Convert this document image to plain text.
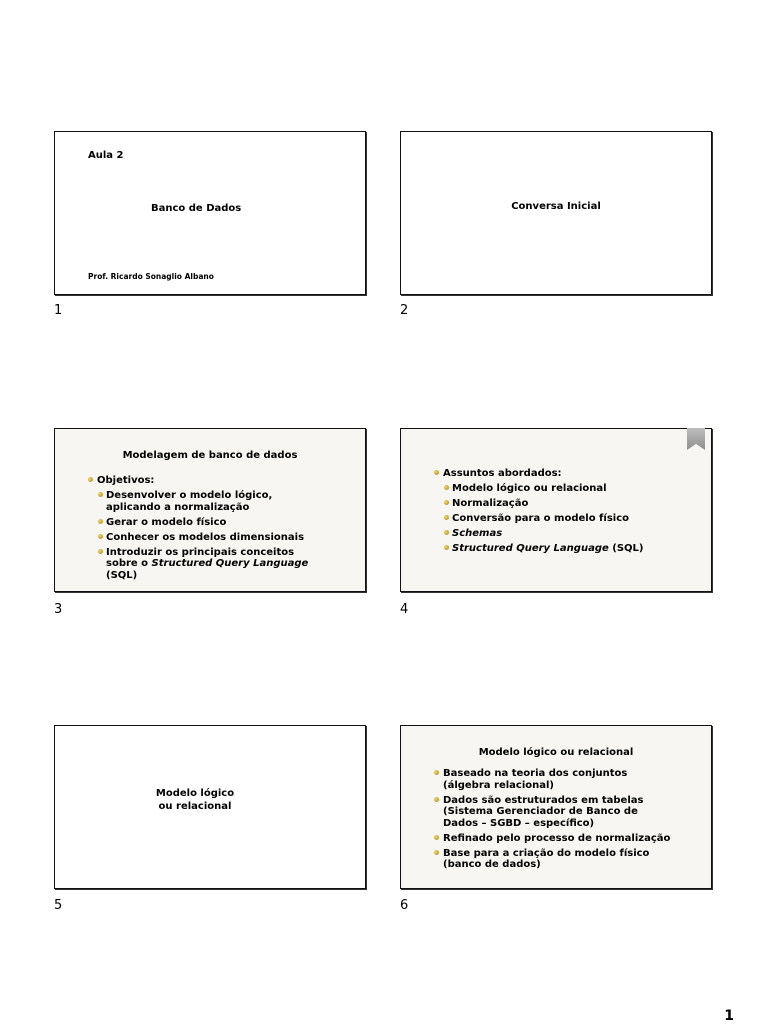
Aula 2
Banco de Dados
Prof. Ricardo Sonaglio Albano
1
Conversa Inicial
2
Modelagem de banco de dados
Objetivos:
Desenvolver o modelo lógico, aplicando a normalização
Gerar o modelo físico
Conhecer os modelos dimensionais
Introduzir os principais conceitos sobre o Structured Query Language (SQL)
3
Assuntos abordados:
Modelo lógico ou relacional
Normalização
Conversão para o modelo físico
Schemas
Structured Query Language (SQL)
4
Modelo lógico
ou relacional
5
Modelo lógico ou relacional
Baseado na teoria dos conjuntos (álgebra relacional)
Dados são estruturados em tabelas (Sistema Gerenciador de Banco de Dados – SGBD – específico)
Refinado pelo processo de normalização
Base para a criação do modelo físico (banco de dados)
6
1
